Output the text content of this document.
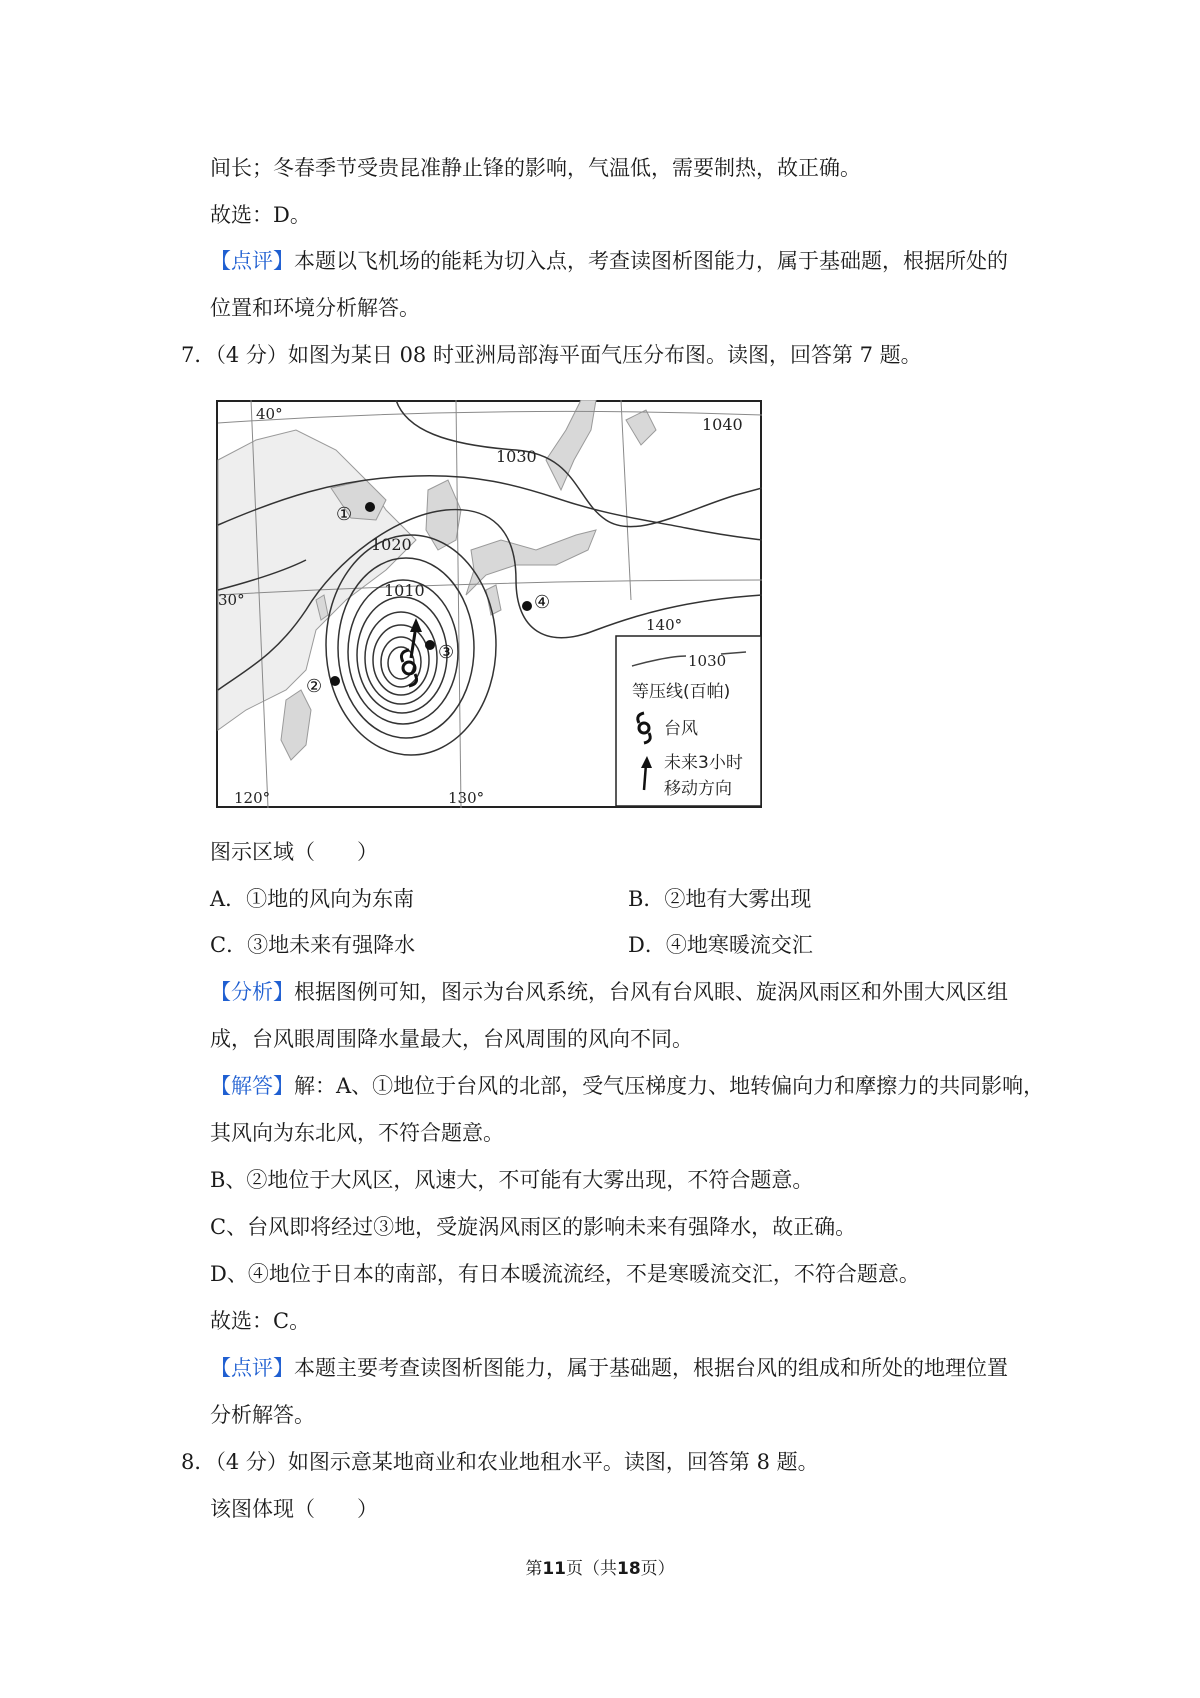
间长；冬春季节受贵昆准静止锋的影响，气温低，需要制热，故正确。
故选：D。
【点评】本题以飞机场的能耗为切入点，考查读图析图能力，属于基础题，根据所处的
位置和环境分析解答。
7．（4 分）如图为某日 08 时亚洲局部海平面气压分布图。读图，回答第 7 题。
40°
30°
120°	130°
140°
1040
1030
1020
1010
①
②
③
④
1030
等压线(百帕)
台风
未来3小时
移动方向
图示区域（　　）
A．①地的风向为东南	B．②地有大雾出现
C．③地未来有强降水	D．④地寒暖流交汇
【分析】根据图例可知，图示为台风系统，台风有台风眼、旋涡风雨区和外围大风区组
成，台风眼周围降水量最大，台风周围的风向不同。
【解答】解：A、①地位于台风的北部，受气压梯度力、地转偏向力和摩擦力的共同影响，
其风向为东北风，不符合题意。
B、②地位于大风区，风速大，不可能有大雾出现，不符合题意。
C、台风即将经过③地，受旋涡风雨区的影响未来有强降水，故正确。
D、④地位于日本的南部，有日本暖流流经，不是寒暖流交汇，不符合题意。
故选：C。
【点评】本题主要考查读图析图能力，属于基础题，根据台风的组成和所处的地理位置
分析解答。
8．（4 分）如图示意某地商业和农业地租水平。读图，回答第 8 题。
该图体现（　　）
第11页（共18页）
